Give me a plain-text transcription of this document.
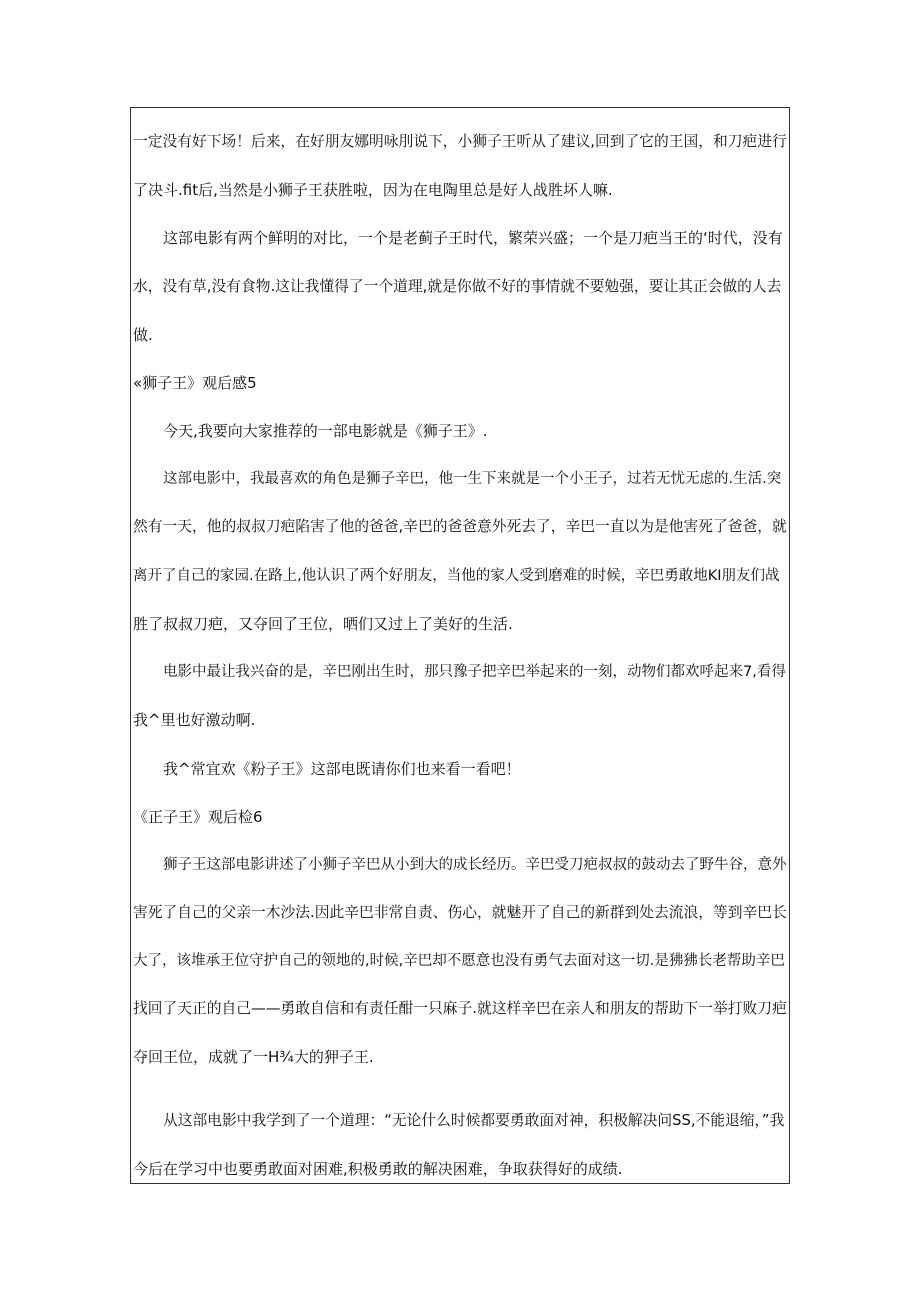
一定没有好下场！后来，在好朋友娜明咏刖说下，小狮子王听从了建议,回到了它的王国，和刀疤进行
了决斗.fit后,当然是小狮子王获胜啦，因为在电陶里总是好人战胜坏人嘛.
这部电影有两个鲜明的对比，一个是老蓟子王时代，繁荣兴盛；一个是刀疤当王的‘时代，没有
水，没有草,没有食物.这让我懂得了一个道理,就是你做不好的事情就不要勉强，要让其正会做的人去
做.
«狮子王》观后感5
今天,我要向大家推荐的一部电影就是《狮子王》.
这部电影中，我最喜欢的角色是狮子辛巴，他一生下来就是一个小王子，过若无忧无虑的.生活.突
然有一天，他的叔叔刀疤陷害了他的爸爸,辛巴的爸爸意外死去了，辛巴一直以为是他害死了爸爸，就
离开了自己的家园.在路上,他认识了两个好朋友，当他的家人受到磨难的时候，辛巴勇敢地KI朋友们战
胜了叔叔刀疤，又夺回了王位，晒们又过上了美好的生活.
电影中最让我兴奋的是，辛巴刚出生时，那只豫子把辛巴举起来的一刻，动物们都欢呼起来7,看得
我^里也好激动啊.
我^常宜欢《粉子王》这部电既请你们也来看一看吧！
《正子王》观后检6
狮子王这部电影讲述了小狮子辛巴从小到大的成长经历。辛巴受刀疤叔叔的鼓动去了野牛谷，意外
害死了自己的父亲一木沙法.因此辛巴非常自责、伤心，就魅开了自己的新群到处去流浪，等到辛巴长
大了，该堆承王位守护自己的领地的,时候,辛巴却不愿意也没有勇气去面对这一切.是狒狒长老帮助辛巴
找回了天正的自己——勇敢自信和有责任酣一只麻子.就这样辛巴在亲人和朋友的帮助下一举打败刀疤
夺回王位，成就了一H¾大的狎子王.
从这部电影中我学到了一个道理：“无论什么时候都要勇敢面对神，积极解决问SS,不能退缩，”我
今后在学习中也要勇敢面对困难,积极勇敢的解决困难，争取获得好的成绩.
